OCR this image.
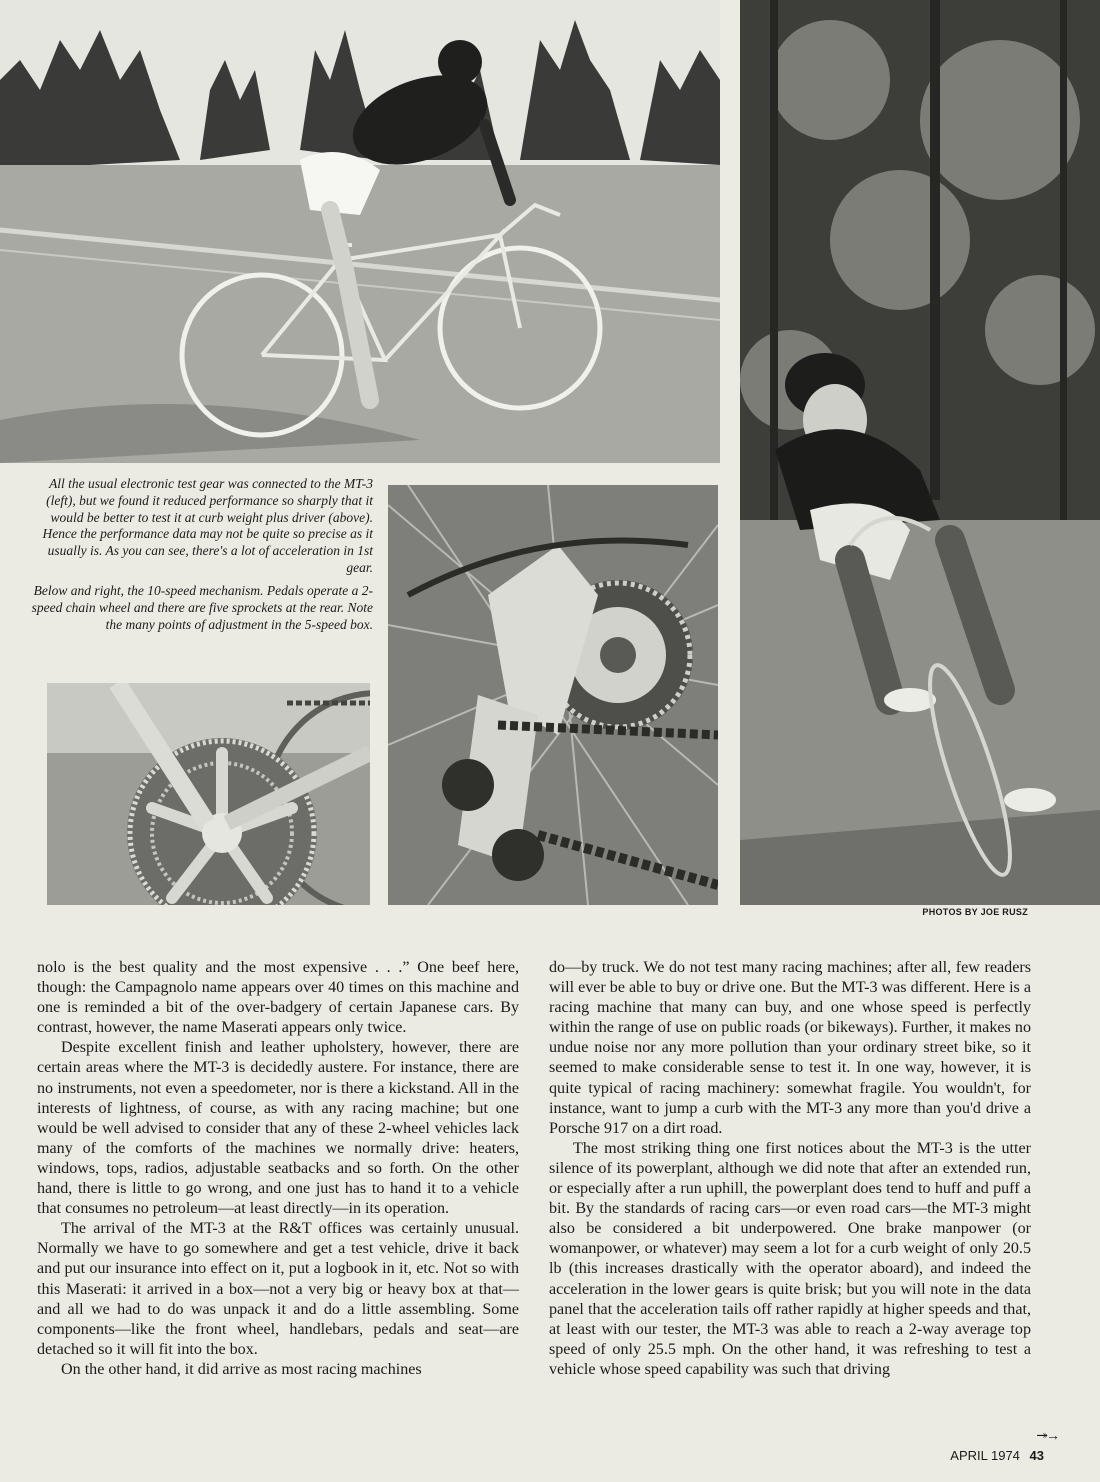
All the usual electronic test gear was connected to the MT-3 (left), but we found it reduced performance so sharply that it would be better to test it at curb weight plus driver (above). Hence the performance data may not be quite so precise as it usually is. As you can see, there's a lot of acceleration in 1st gear.
Below and right, the 10-speed mechanism. Pedals operate a 2-speed chain wheel and there are five sprockets at the rear. Note the many points of adjustment in the 5-speed box.
PHOTOS BY JOE RUSZ

nolo is the best quality and the most expensive . . .” One beef here, though: the Campagnolo name appears over 40 times on this machine and one is reminded a bit of the over-badgery of certain Japanese cars. By contrast, however, the name Maserati appears only twice.

Despite excellent finish and leather upholstery, however, there are certain areas where the MT-3 is decidedly austere. For instance, there are no instruments, not even a speedometer, nor is there a kickstand. All in the interests of lightness, of course, as with any racing machine; but one would be well advised to consider that any of these 2-wheel vehicles lack many of the comforts of the machines we normally drive: heaters, windows, tops, radios, adjustable seatbacks and so forth. On the other hand, there is little to go wrong, and one just has to hand it to a vehicle that consumes no petroleum—at least directly—in its operation.

The arrival of the MT-3 at the R&T offices was certainly unusual. Normally we have to go somewhere and get a test vehicle, drive it back and put our insurance into effect on it, put a logbook in it, etc. Not so with this Maserati: it arrived in a box—not a very big or heavy box at that—and all we had to do was unpack it and do a little assembling. Some components—like the front wheel, handlebars, pedals and seat—are detached so it will fit into the box.

On the other hand, it did arrive as most racing machines

do—by truck. We do not test many racing machines; after all, few readers will ever be able to buy or drive one. But the MT-3 was different. Here is a racing machine that many can buy, and one whose speed is perfectly within the range of use on public roads (or bikeways). Further, it makes no undue noise nor any more pollution than your ordinary street bike, so it seemed to make considerable sense to test it. In one way, however, it is quite typical of racing machinery: somewhat fragile. You wouldn't, for instance, want to jump a curb with the MT-3 any more than you'd drive a Porsche 917 on a dirt road.

The most striking thing one first notices about the MT-3 is the utter silence of its powerplant, although we did note that after an extended run, or especially after a run uphill, the powerplant does tend to huff and puff a bit. By the standards of racing cars—or even road cars—the MT-3 might also be considered a bit underpowered. One brake manpower (or womanpower, or whatever) may seem a lot for a curb weight of only 20.5 lb (this increases drastically with the operator aboard), and indeed the acceleration in the lower gears is quite brisk; but you will note in the data panel that the acceleration tails off rather rapidly at higher speeds and that, at least with our tester, the MT-3 was able to reach a 2-way average top speed of only 25.5 mph. On the other hand, it was refreshing to test a vehicle whose speed capability was such that driving

↠→
APRIL 1974 43
